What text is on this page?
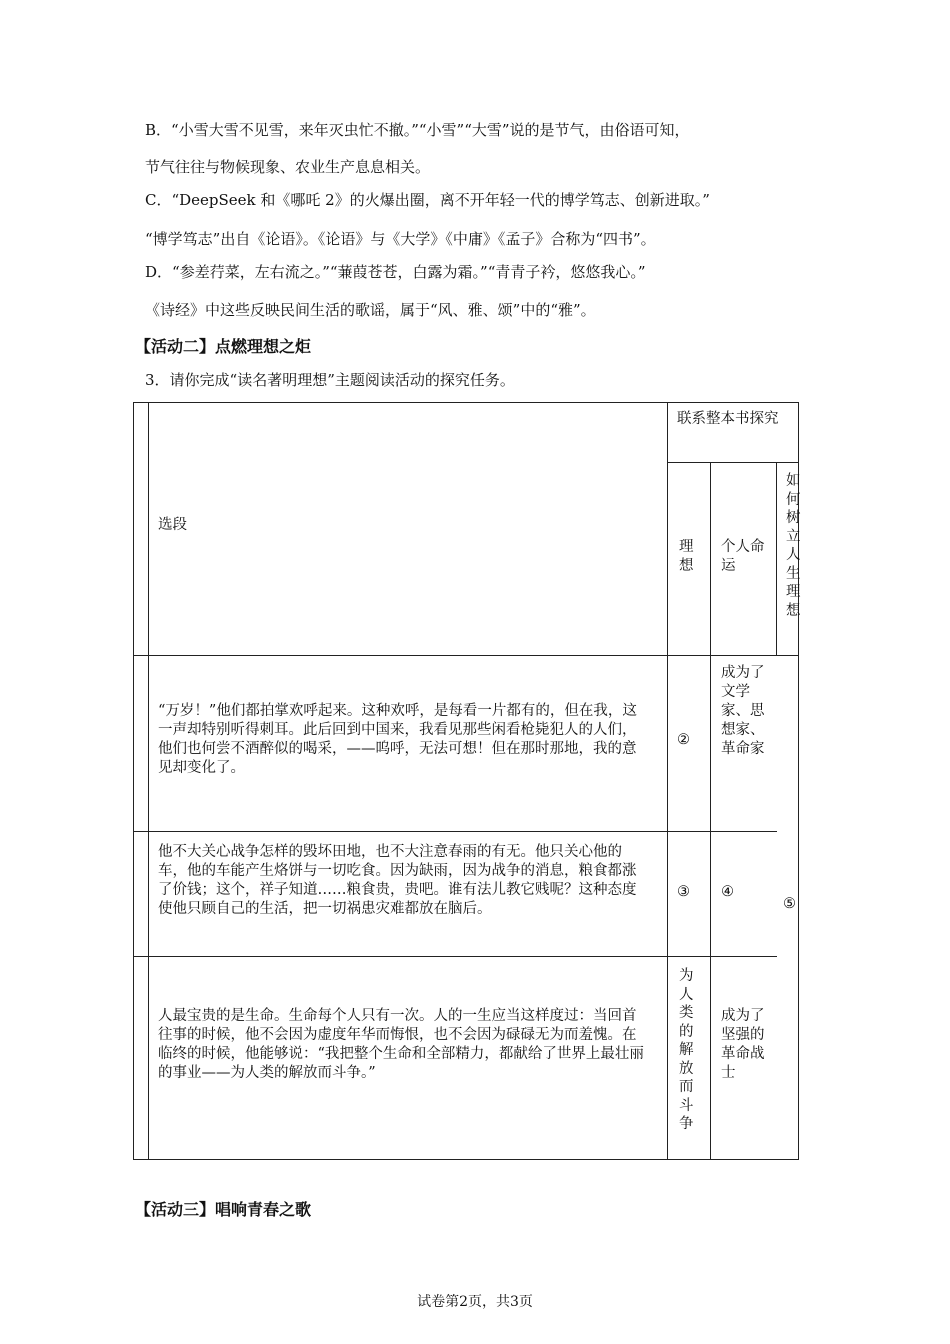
B．“小雪大雪不见雪，来年灭虫忙不撤。”“小雪”“大雪”说的是节气，由俗语可知，
节气往往与物候现象、农业生产息息相关。
C．“DeepSeek 和《哪吒 2》的火爆出圈，离不开年轻一代的博学笃志、创新进取。”
“博学笃志”出自《论语》。《论语》与《大学》《中庸》《孟子》合称为“四书”。
D．“参差荇菜，左右流之。”“蒹葭苍苍，白露为霜。”“青青子衿，悠悠我心。”
《诗经》中这些反映民间生活的歌谣，属于“风、雅、颂”中的“雅”。
【活动二】点燃理想之炬
3．请你完成“读名著明理想”主题阅读活动的探究任务。
选段
联系整本书探究
理想
个人命运
如何树立人生理想
“万岁！”他们都拍掌欢呼起来。这种欢呼，是每看一片都有的，但在我，这一声却特别听得刺耳。此后回到中国来，我看见那些闲看枪毙犯人的人们，他们也何尝不酒醉似的喝采，——呜呼，无法可想！但在那时那地，我的意见却变化了。
②
成为了文学家、思想家、革命家
他不大关心战争怎样的毁坏田地，也不大注意春雨的有无。他只关心他的车，他的车能产生烙饼与一切吃食。因为缺雨，因为战争的消息，粮食都涨了价钱；这个，祥子知道……粮食贵，贵吧。谁有法儿教它贱呢？这种态度使他只顾自己的生活，把一切祸患灾难都放在脑后。
③ ④
⑤
人最宝贵的是生命。生命每个人只有一次。人的一生应当这样度过：当回首往事的时候，他不会因为虚度年华而悔恨，也不会因为碌碌无为而羞愧。在临终的时候，他能够说：“我把整个生命和全部精力，都献给了世界上最壮丽的事业——为人类的解放而斗争。”
为人类的解放而斗争
成为了坚强的革命战士
【活动三】唱响青春之歌
试卷第2页，共3页
